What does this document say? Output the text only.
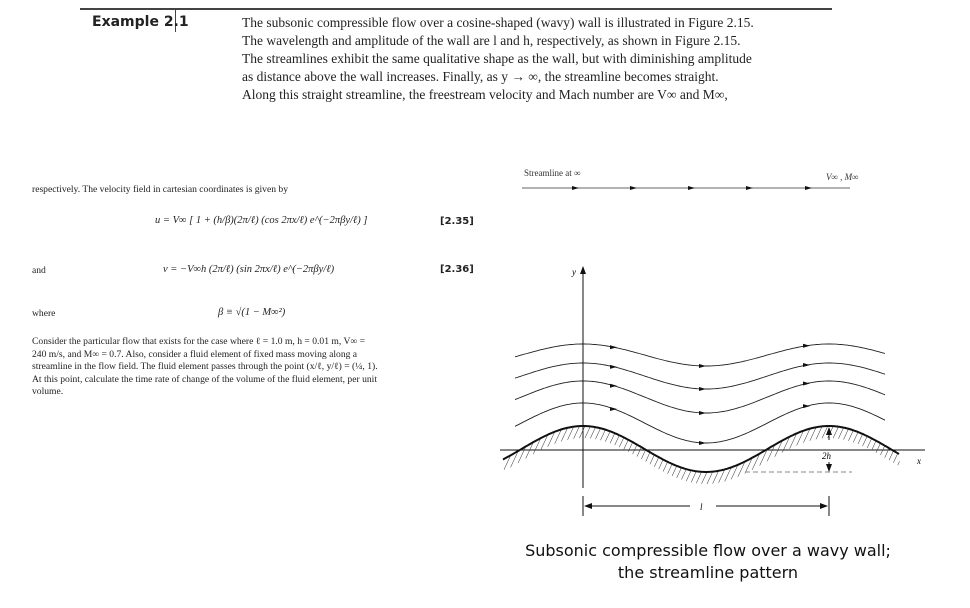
Example 2.1	The subsonic compressible flow over a cosine-shaped (wavy) wall is illustrated in Figure 2.15.
The wavelength and amplitude of the wall are l and h, respectively, as shown in Figure 2.15.
The streamlines exhibit the same qualitative shape as the wall, but with diminishing amplitude
as distance above the wall increases. Finally, as y → ∞, the streamline becomes straight.
Along this straight streamline, the freestream velocity and Mach number are V∞ and M∞,
respectively. The velocity field in cartesian coordinates is given by
u = V∞ [ 1 + (h/β)(2π/ℓ) (cos 2πx/ℓ) e^(−2πβy/ℓ) ]	[2.35]
and	v = −V∞h (2π/ℓ) (sin 2πx/ℓ) e^(−2πβy/ℓ)	[2.36]
where	β ≡ √(1 − M∞²)
Consider the particular flow that exists for the case where ℓ = 1.0 m, h = 0.01 m, V∞ =
240 m/s, and M∞ = 0.7. Also, consider a fluid element of fixed mass moving along a
streamline in the flow field. The fluid element passes through the point (x/ℓ, y/ℓ) = (¼, 1).
At this point, calculate the time rate of change of the volume of the fluid element, per unit
volume.
Streamline at ∞	V∞ , M∞
y
x
2h
l
Subsonic compressible flow over a wavy wall;
the streamline pattern
